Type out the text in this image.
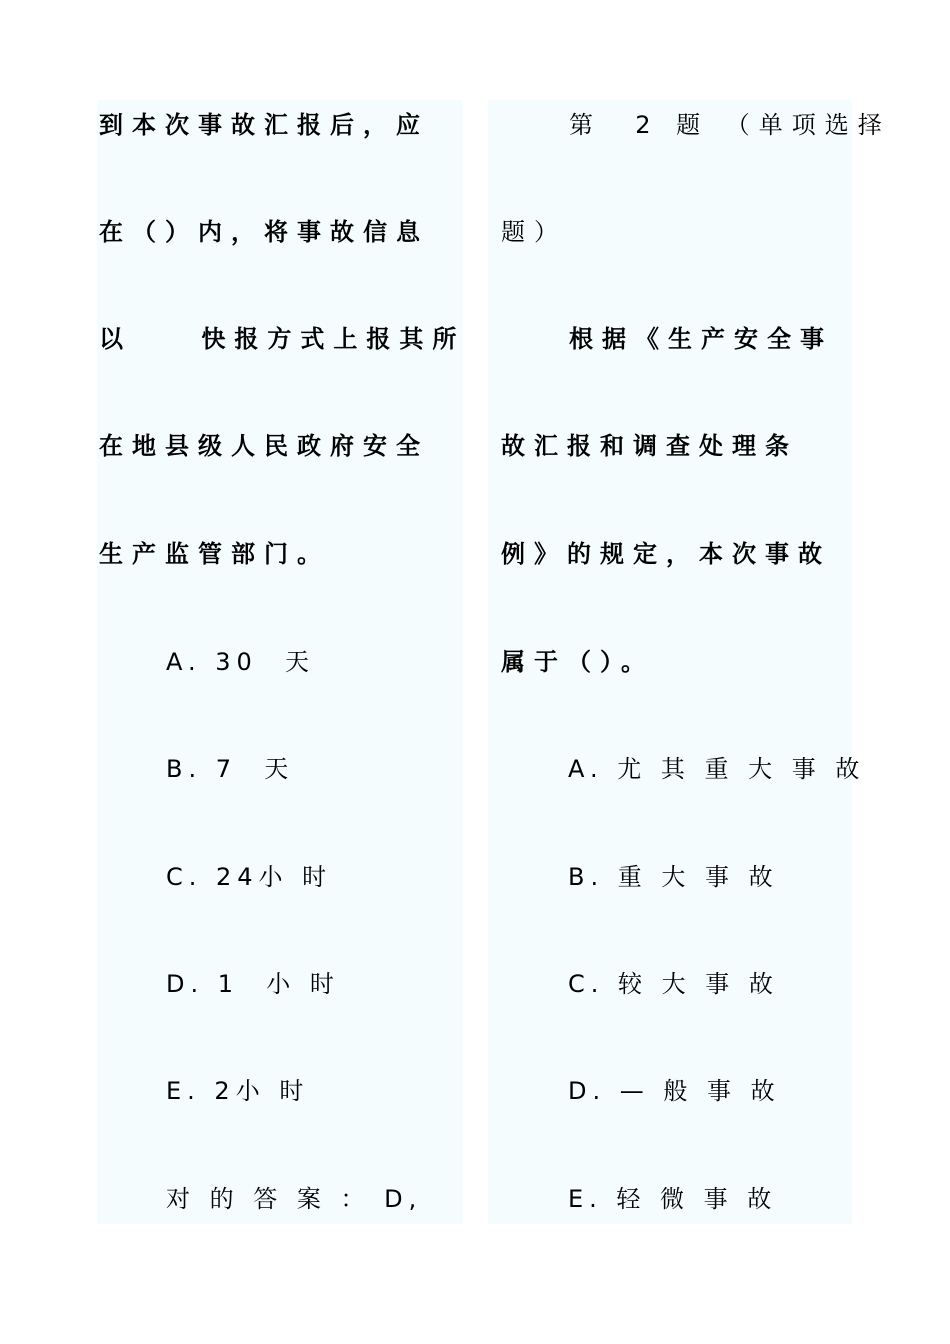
到本次事故汇报后，应
在（）内，将事故信息
以    快报方式上报其所
在地县级人民政府安全
生产监管部门。
A. 30  天
B. 7  天
C. 24小 时
D. 1  小 时
E. 2小 时
对 的 答 案 ： D,
第  2 题 （单项选择
题）
根据《生产安全事
故汇报和调查处理条
例》的规定，本次事故
属于（）。
A. 尤 其 重 大 事 故
B. 重 大 事 故
C. 较 大 事 故
D. — 般 事 故
E. 轻 微 事 故
